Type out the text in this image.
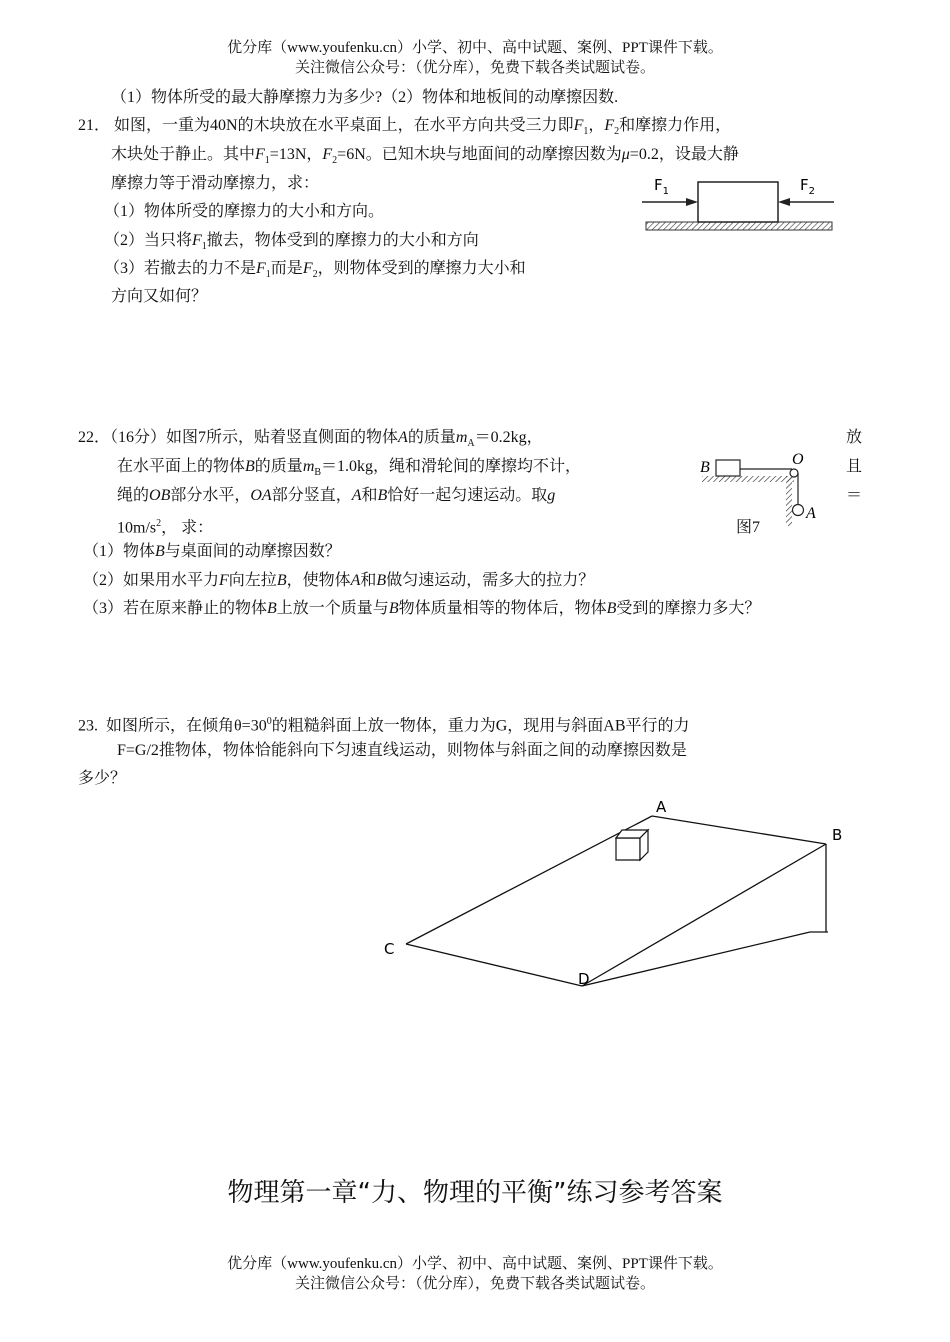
优分库（www.youfenku.cn）小学、初中、高中试题、案例、PPT课件下载。
关注微信公众号：（优分库），免费下载各类试题试卷。
（1）物体所受的最大静摩擦力为多少?（2）物体和地板间的动摩擦因数.
21． 如图，一重为40N的木块放在水平桌面上，在水平方向共受三力即$F_1$，$F_2$和摩擦力作用，
木块处于静止。其中$F_1=13N$，$F_2=6N$。已知木块与地面间的动摩擦因数为μ=0.2，设最大静
摩擦力等于滑动摩擦力，求：
（1）物体所受的摩擦力的大小和方向。
（2）当只将$F_1$撤去，物体受到的摩擦力的大小和方向
（3）若撤去的力不是$F_1$而是$F_2$，则物体受到的摩擦力大小和
方向又如何？
$F_1$	$F_2$
22．（16分）如图7所示，贴着竖直侧面的物体A的质量$m_A=0.2kg$，	放
在水平面上的物体B的质量$m_B=1.0kg$，绳和滑轮间的摩擦均不计，	且
绳的OB部分水平，OA部分竖直，A和B恰好一起匀速运动。取g	＝
$10m/s^2$， 求：
（1）物体B与桌面间的动摩擦因数？
（2）如果用水平力F向左拉B，使物体A和B做匀速运动，需多大的拉力？
（3）若在原来静止的物体B上放一个质量与B物体质量相等的物体后，物体B受到的摩擦力多大？
B	O
A
图7
23. 如图所示，在倾角$\theta=30^0$的粗糙斜面上放一物体，重力为G，现用与斜面AB平行的力
F=G/2推物体，物体恰能斜向下匀速直线运动，则物体与斜面之间的动摩擦因数是
多少？
A
B
C
D
物理第一章“力、物理的平衡”练习参考答案
优分库（www.youfenku.cn）小学、初中、高中试题、案例、PPT课件下载。
关注微信公众号：（优分库），免费下载各类试题试卷。
